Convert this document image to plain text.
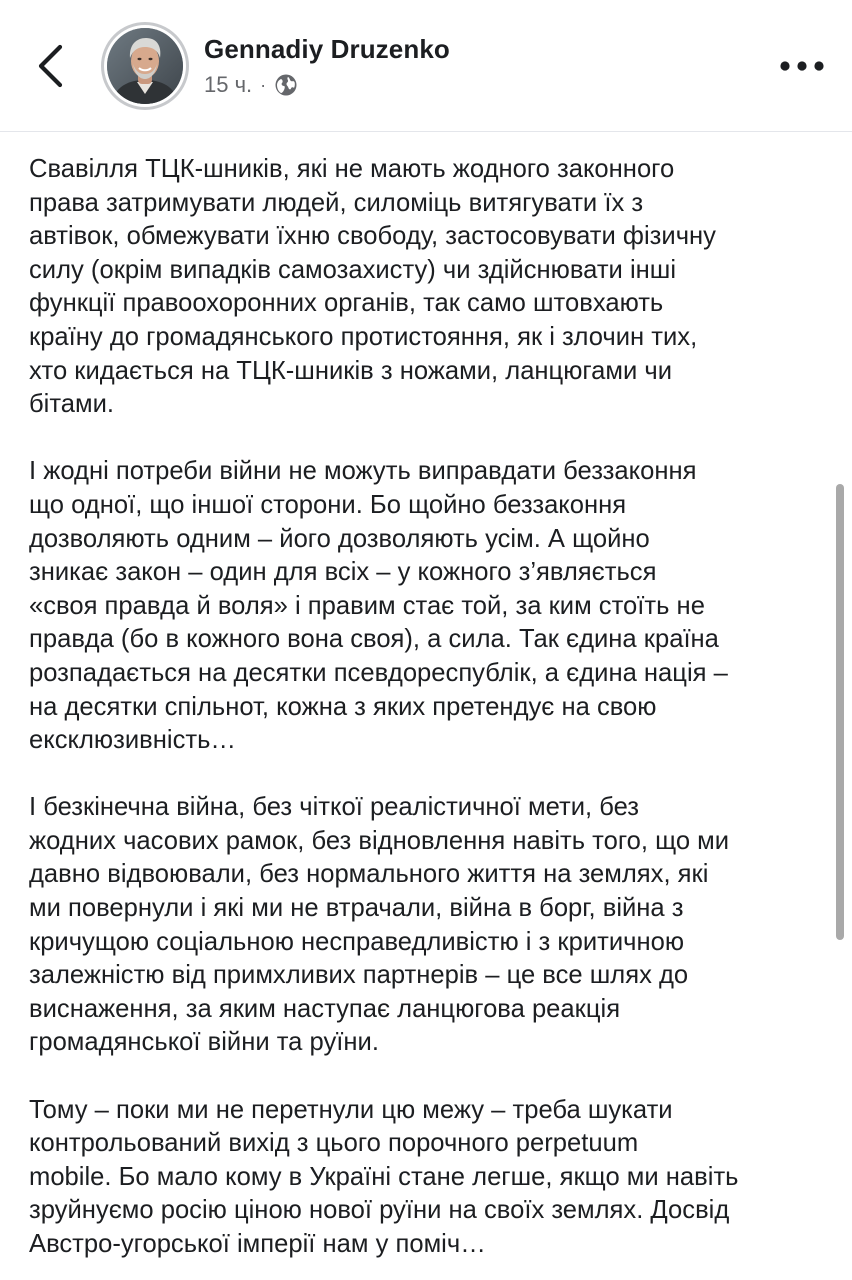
Gennadiy Druzenko
15 ч. ·

Свавілля ТЦК-шників, які не мають жодного законного
права затримувати людей, силоміць витягувати їх з
автівок, обмежувати їхню свободу, застосовувати фізичну
силу (окрім випадків самозахисту) чи здійснювати інші
функції правоохоронних органів, так само штовхають
країну до громадянського протистояння, як і злочин тих,
хто кидається на ТЦК-шників з ножами, ланцюгами чи
бітами.

І жодні потреби війни не можуть виправдати беззаконня
що одної, що іншої сторони. Бо щойно беззаконня
дозволяють одним – його дозволяють усім. А щойно
зникає закон – один для всіх – у кожного з’являється
«своя правда й воля» і правим стає той, за ким стоїть не
правда (бо в кожного вона своя), а сила. Так єдина країна
розпадається на десятки псевдореспублік, а єдина нація –
на десятки спільнот, кожна з яких претендує на свою
ексклюзивність…

І безкінечна війна, без чіткої реалістичної мети, без
жодних часових рамок, без відновлення навіть того, що ми
давно відвоювали, без нормального життя на землях, які
ми повернули і які ми не втрачали, війна в борг, війна з
кричущою соціальною несправедливістю і з критичною
залежністю від примхливих партнерів – це все шлях до
виснаження, за яким наступає ланцюгова реакція
громадянської війни та руїни.

Тому – поки ми не перетнули цю межу – треба шукати
контрольований вихід з цього порочного perpetuum
mobile. Бо мало кому в Україні стане легше, якщо ми навіть
зруйнуємо росію ціною нової руїни на своїх землях. Досвід
Австро-угорської імперії нам у поміч…
